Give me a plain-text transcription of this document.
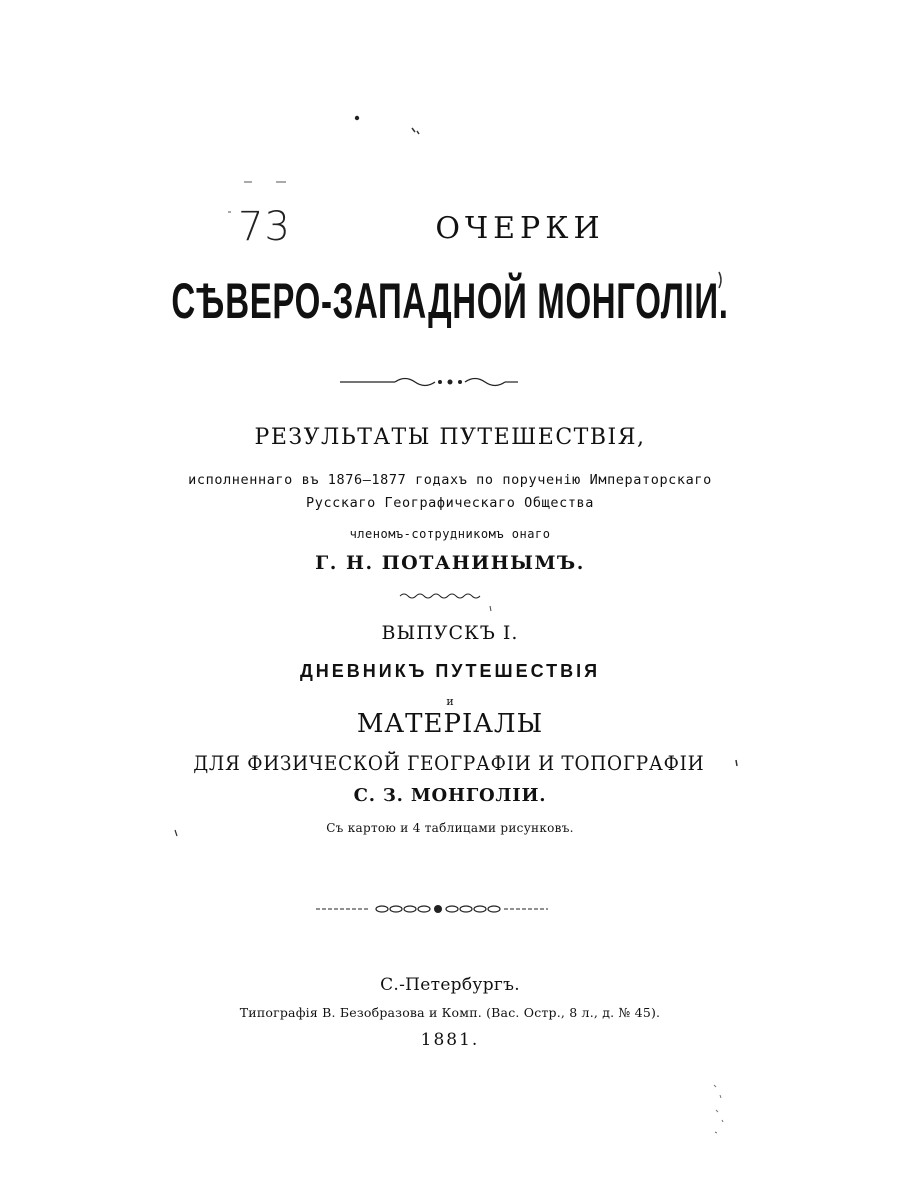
73	ОЧЕРКИ
СѢВЕРО-ЗАПАДНОЙ МОНГОЛІИ.
РЕЗУЛЬТАТЫ ПУТЕШЕСТВІЯ,
исполненнаго въ 1876—1877 годахъ по порученію Императорскаго
Русскаго Географическаго Общества
членомъ-сотрудникомъ онаго
Г. Н. ПОТАНИНЫМЪ.
ВЫПУСКЪ I.
ДНЕВНИКЪ ПУТЕШЕСТВІЯ
и
МАТЕРІАЛЫ
ДЛЯ ФИЗИЧЕСКОЙ ГЕОГРАФІИ И ТОПОГРАФІИ
С. З. МОНГОЛІИ.
Съ картою и 4 таблицами рисунковъ.
С.-Петербургъ.
Типографія В. Безобразова и Комп. (Вас. Остр., 8 л., д. № 45).
1881.
